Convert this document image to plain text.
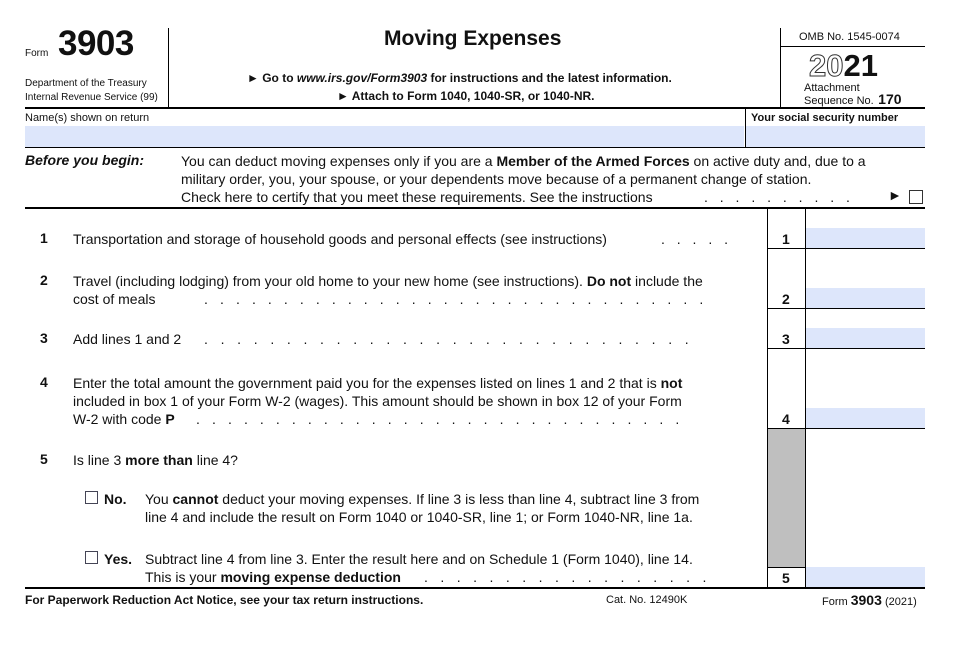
Form 3903
Department of the Treasury
Internal Revenue Service (99)
Moving Expenses
► Go to www.irs.gov/Form3903 for instructions and the latest information.
► Attach to Form 1040, 1040-SR, or 1040-NR.
OMB No. 1545-0074
2021
Attachment
Sequence No. 170
Name(s) shown on return	Your social security number
Before you begin:	You can deduct moving expenses only if you are a Member of the Armed Forces on active duty and, due to a
military order, you, your spouse, or your dependents move because of a permanent change of station.
Check here to certify that you meet these requirements. See the instructions	. . . . . . . . . . ►
1 Transportation and storage of household goods and personal effects (see instructions)	. . . . .	1
2 Travel (including lodging) from your old home to your new home (see instructions). Do not include the
cost of meals	. . . . . . . . . . . . . . . . . . . . . . . . . . . . . . . .	2
3 Add lines 1 and 2 . . . . . . . . . . . . . . . . . . . . . . . . . . . . . .	3
4 Enter the total amount the government paid you for the expenses listed on lines 1 and 2 that is not
included in box 1 of your Form W-2 (wages). This amount should be shown in box 12 of your Form
W-2 with code P . . . . . . . . . . . . . . . . . . . . . . . . . . . . . . .	4
5 Is line 3 more than line 4?
No. You cannot deduct your moving expenses. If line 3 is less than line 4, subtract line 3 from
line 4 and include the result on Form 1040 or 1040-SR, line 1; or Form 1040-NR, line 1a.
Yes. Subtract line 4 from line 3. Enter the result here and on Schedule 1 (Form 1040), line 14.
This is your moving expense deduction . . . . . . . . . . . . . . . . . .	5
For Paperwork Reduction Act Notice, see your tax return instructions.	Cat. No. 12490K	Form 3903 (2021)
